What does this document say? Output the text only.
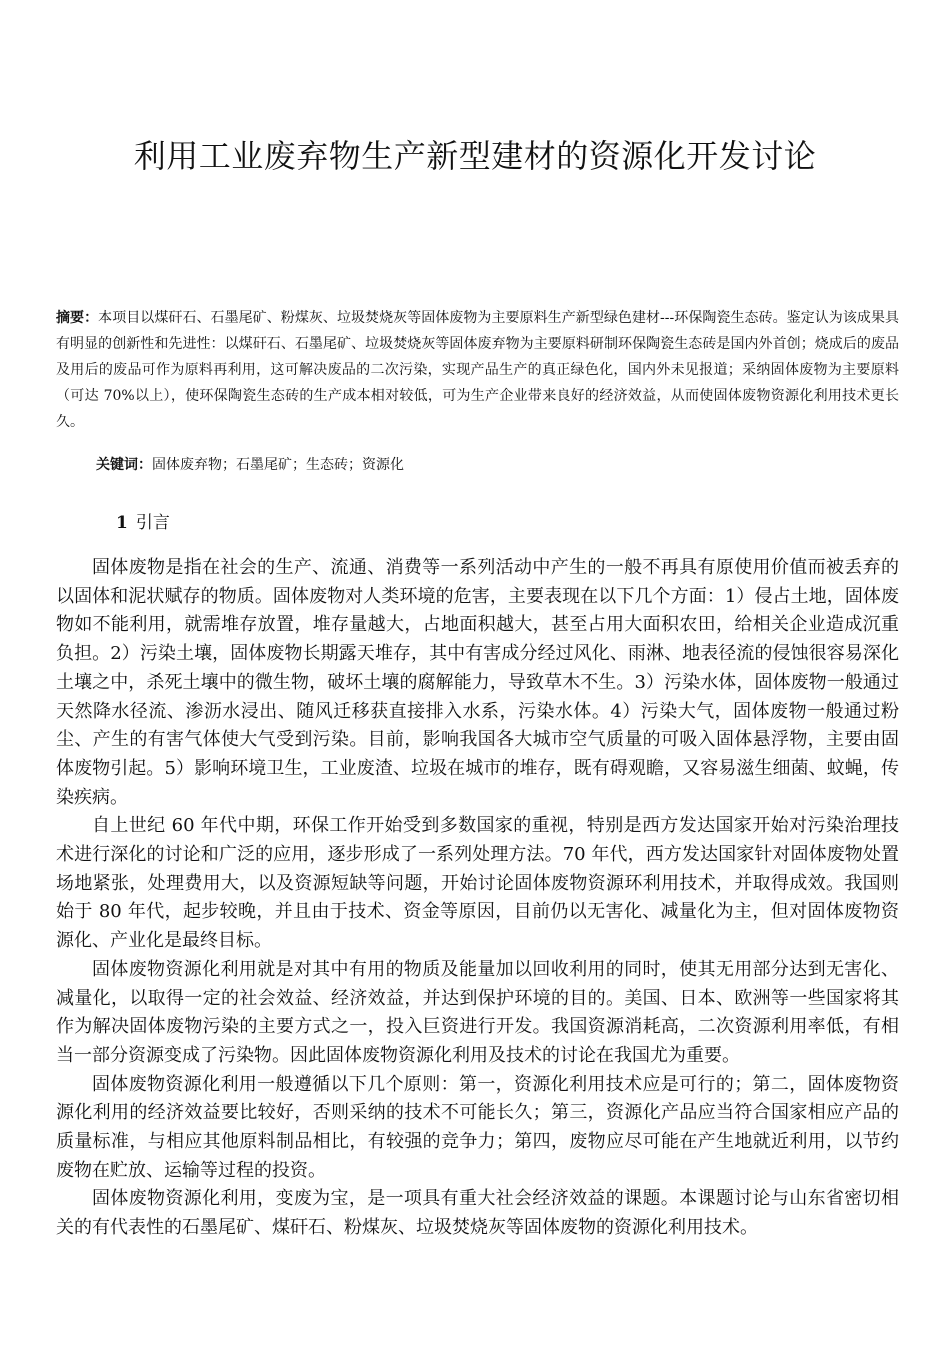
利用工业废弃物生产新型建材的资源化开发讨论

摘要：本项目以煤矸石、石墨尾矿、粉煤灰、垃圾焚烧灰等固体废物为主要原料生产新型绿色建材---环保陶瓷生态砖。鉴定认为该成果具有明显的创新性和先进性：以煤矸石、石墨尾矿、垃圾焚烧灰等固体废弃物为主要原料研制环保陶瓷生态砖是国内外首创；烧成后的废品及用后的废品可作为原料再利用，这可解决废品的二次污染，实现产品生产的真正绿色化，国内外未见报道；采纳固体废物为主要原料（可达 70%以上），使环保陶瓷生态砖的生产成本相对较低，可为生产企业带来良好的经济效益，从而使固体废物资源化利用技术更长久。

关键词：固体废弃物；石墨尾矿；生态砖；资源化

1 引言

固体废物是指在社会的生产、流通、消费等一系列活动中产生的一般不再具有原使用价值而被丢弃的以固体和泥状赋存的物质。固体废物对人类环境的危害，主要表现在以下几个方面：1）侵占土地，固体废物如不能利用，就需堆存放置，堆存量越大，占地面积越大，甚至占用大面积农田，给相关企业造成沉重负担。2）污染土壤，固体废物长期露天堆存，其中有害成分经过风化、雨淋、地表径流的侵蚀很容易深化土壤之中，杀死土壤中的微生物，破坏土壤的腐解能力，导致草木不生。3）污染水体，固体废物一般通过天然降水径流、渗沥水浸出、随风迁移获直接排入水系，污染水体。4）污染大气，固体废物一般通过粉尘、产生的有害气体使大气受到污染。目前，影响我国各大城市空气质量的可吸入固体悬浮物，主要由固体废物引起。5）影响环境卫生，工业废渣、垃圾在城市的堆存，既有碍观瞻，又容易滋生细菌、蚊蝇，传染疾病。

自上世纪 60 年代中期，环保工作开始受到多数国家的重视，特别是西方发达国家开始对污染治理技术进行深化的讨论和广泛的应用，逐步形成了一系列处理方法。70 年代，西方发达国家针对固体废物处置场地紧张，处理费用大，以及资源短缺等问题，开始讨论固体废物资源环利用技术，并取得成效。我国则始于 80 年代，起步较晚，并且由于技术、资金等原因，目前仍以无害化、减量化为主，但对固体废物资源化、产业化是最终目标。

固体废物资源化利用就是对其中有用的物质及能量加以回收利用的同时，使其无用部分达到无害化、减量化，以取得一定的社会效益、经济效益，并达到保护环境的目的。美国、日本、欧洲等一些国家将其作为解决固体废物污染的主要方式之一，投入巨资进行开发。我国资源消耗高，二次资源利用率低，有相当一部分资源变成了污染物。因此固体废物资源化利用及技术的讨论在我国尤为重要。

固体废物资源化利用一般遵循以下几个原则：第一，资源化利用技术应是可行的；第二，固体废物资源化利用的经济效益要比较好，否则采纳的技术不可能长久；第三，资源化产品应当符合国家相应产品的质量标准，与相应其他原料制品相比，有较强的竞争力；第四，废物应尽可能在产生地就近利用，以节约废物在贮放、运输等过程的投资。

固体废物资源化利用，变废为宝，是一项具有重大社会经济效益的课题。本课题讨论与山东省密切相关的有代表性的石墨尾矿、煤矸石、粉煤灰、垃圾焚烧灰等固体废物的资源化利用技术。
